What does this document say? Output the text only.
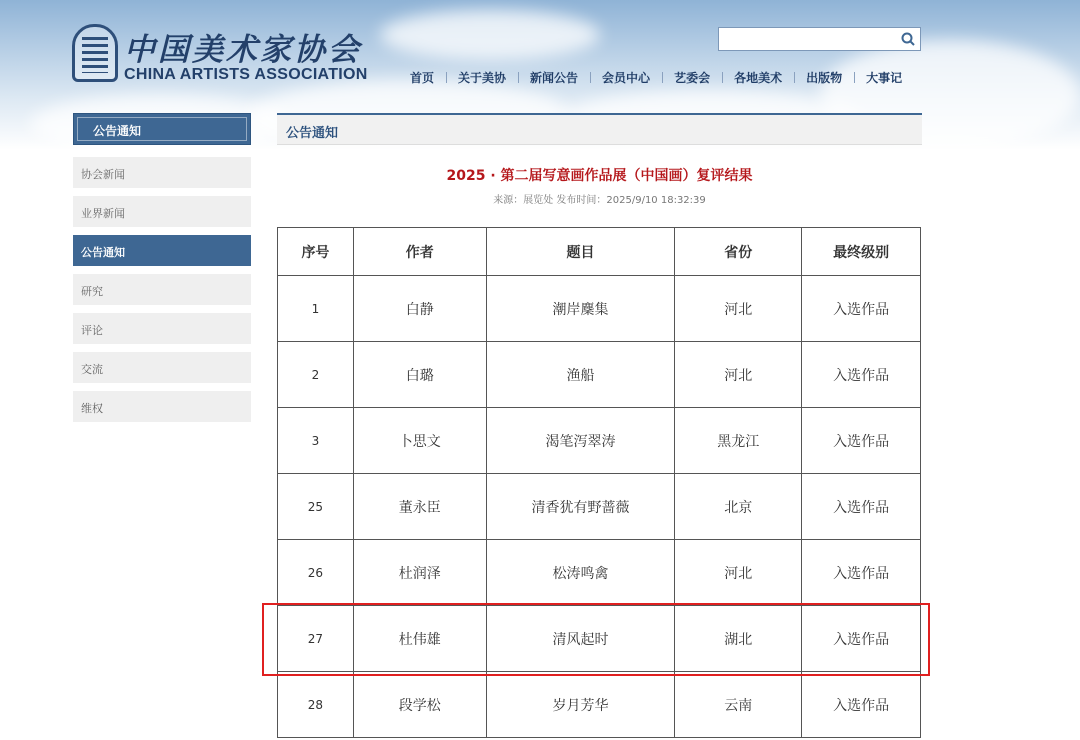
中国美术家协会
CHINA ARTISTS ASSOCIATION	首页	关于美协	新闻公告	会员中心	艺委会	各地美术	出版物	大事记
公告通知
协会新闻
业界新闻
公告通知
研究
评论
交流
维权
公告通知
2025 · 第二届写意画作品展（中国画）复评结果
来源：展览处 发布时间：2025/9/10 18:32:39
序号	作者	题目	省份	最终级别
1	白静	潮岸麇集	河北	入选作品
2	白璐	渔船	河北	入选作品
3	卜思文	渴笔泻翠涛	黑龙江	入选作品
25	董永臣	清香犹有野蔷薇	北京	入选作品
26	杜润泽	松涛鸣禽	河北	入选作品
27	杜伟雄	清风起时	湖北	入选作品
28	段学松	岁月芳华	云南	入选作品
